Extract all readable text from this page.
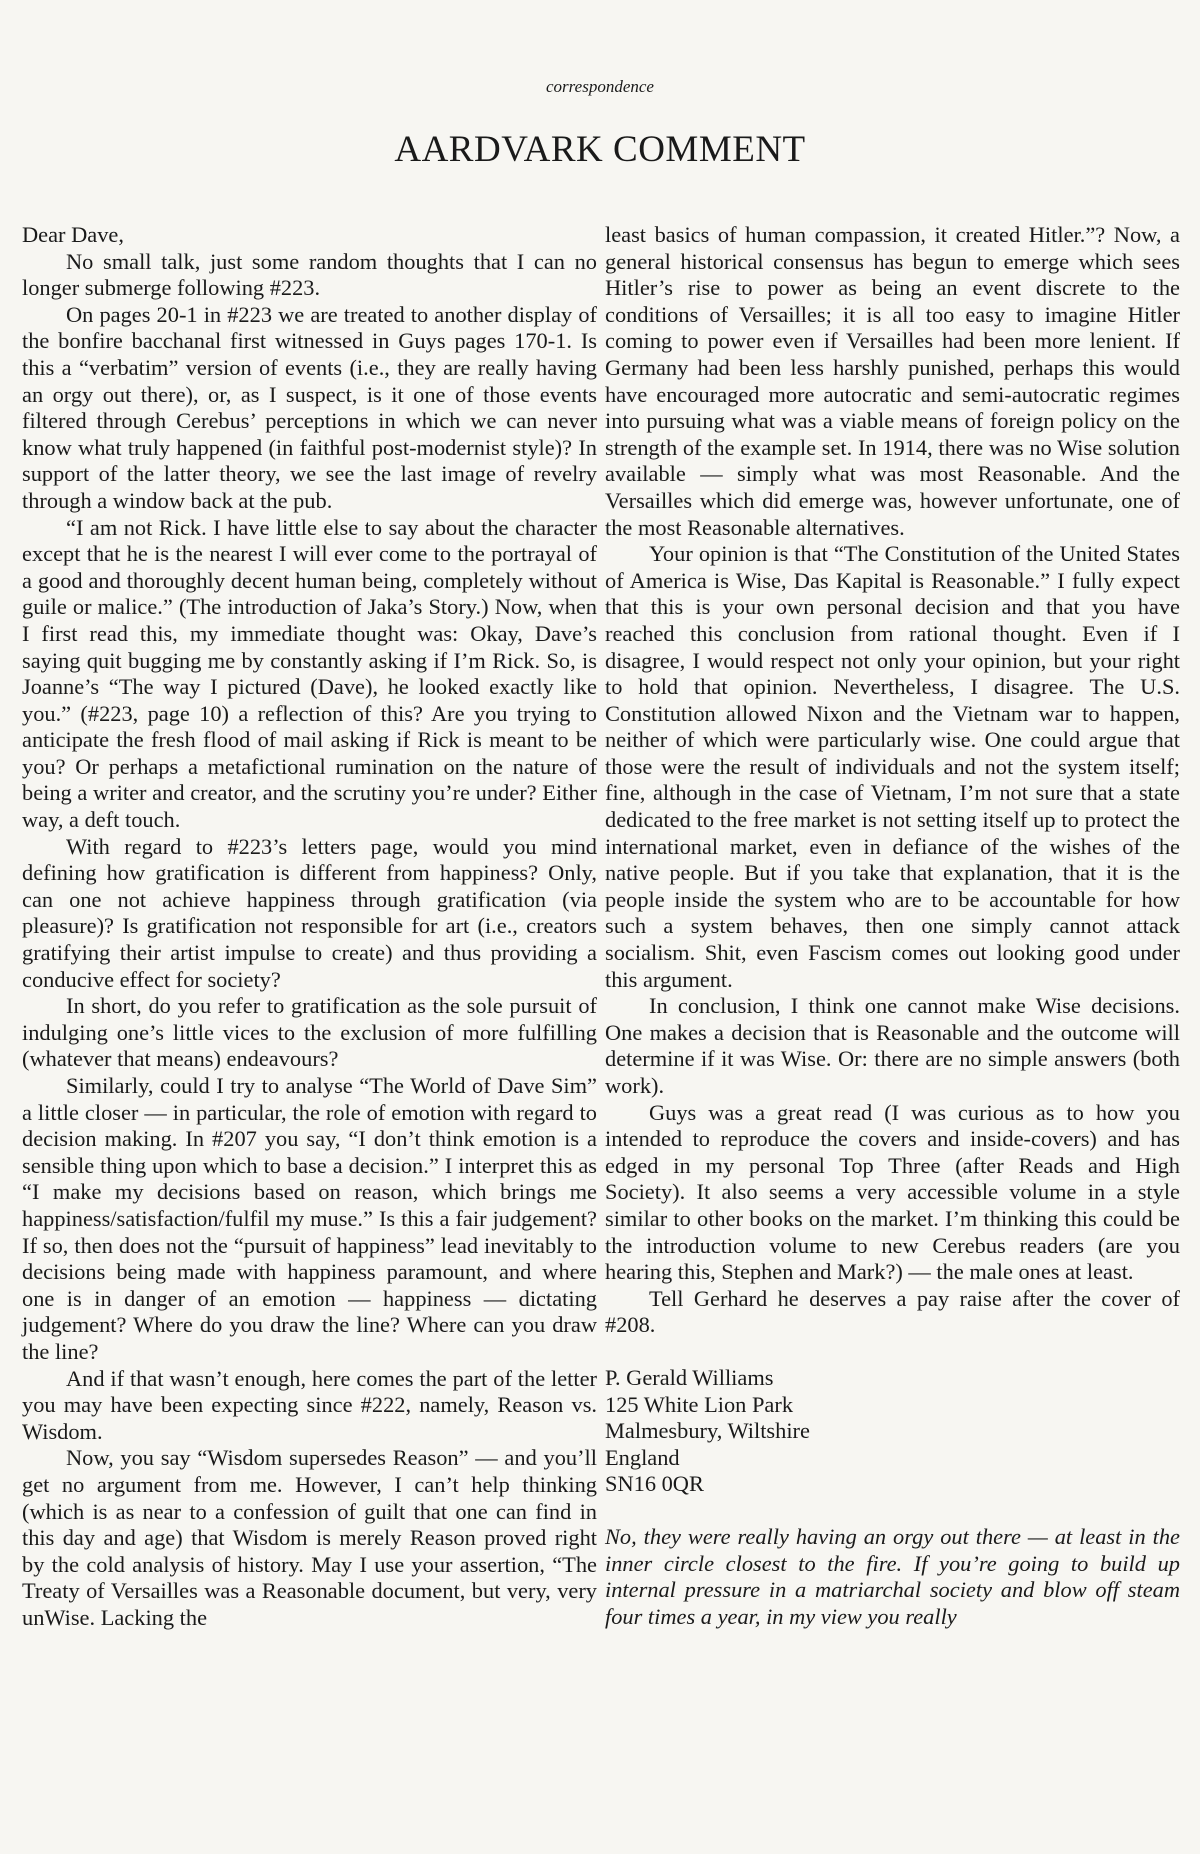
correspondence
AARDVARK COMMENT

Dear Dave,

No small talk, just some random thoughts that I can no longer submerge following #223.

On pages 20-1 in #223 we are treated to another display of the bonfire bacchanal first witnessed in Guys pages 170-1. Is this a “verbatim” version of events (i.e., they are really having an orgy out there), or, as I suspect, is it one of those events filtered through Cerebus’ perceptions in which we can never know what truly happened (in faithful post-modernist style)? In support of the latter theory, we see the last image of revelry through a window back at the pub.

“I am not Rick. I have little else to say about the character except that he is the nearest I will ever come to the portrayal of a good and thoroughly decent human being, completely without guile or malice.” (The introduction of Jaka’s Story.) Now, when I first read this, my immediate thought was: Okay, Dave’s saying quit bugging me by constantly asking if I’m Rick. So, is Joanne’s “The way I pictured (Dave), he looked exactly like you.” (#223, page 10) a reflection of this? Are you trying to anticipate the fresh flood of mail asking if Rick is meant to be you? Or perhaps a metafictional rumination on the nature of being a writer and creator, and the scrutiny you’re under? Either way, a deft touch.

With regard to #223’s letters page, would you mind defining how gratification is different from happiness? Only, can one not achieve happiness through gratification (via pleasure)? Is gratification not responsible for art (i.e., creators gratifying their artist impulse to create) and thus providing a conducive effect for society?

In short, do you refer to gratification as the sole pursuit of indulging one’s little vices to the exclusion of more fulfilling (whatever that means) endeavours?

Similarly, could I try to analyse “The World of Dave Sim” a little closer — in particular, the role of emotion with regard to decision making. In #207 you say, “I don’t think emotion is a sensible thing upon which to base a decision.” I interpret this as “I make my decisions based on reason, which brings me happiness/satisfaction/fulfil my muse.” Is this a fair judgement? If so, then does not the “pursuit of happiness” lead inevitably to decisions being made with happiness paramount, and where one is in danger of an emotion — happiness — dictating judgement? Where do you draw the line? Where can you draw the line?

And if that wasn’t enough, here comes the part of the letter you may have been expecting since #222, namely, Reason vs. Wisdom.

Now, you say “Wisdom supersedes Reason” — and you’ll get no argument from me. However, I can’t help thinking (which is as near to a confession of guilt that one can find in this day and age) that Wisdom is merely Reason proved right by the cold analysis of history. May I use your assertion, “The Treaty of Versailles was a Reasonable document, but very, very unWise. Lacking the

least basics of human compassion, it created Hitler.”? Now, a general historical consensus has begun to emerge which sees Hitler’s rise to power as being an event discrete to the conditions of Versailles; it is all too easy to imagine Hitler coming to power even if Versailles had been more lenient. If Germany had been less harshly punished, perhaps this would have encouraged more autocratic and semi-autocratic regimes into pursuing what was a viable means of foreign policy on the strength of the example set. In 1914, there was no Wise solution available — simply what was most Reasonable. And the Versailles which did emerge was, however unfortunate, one of the most Reasonable alternatives.

Your opinion is that “The Constitution of the United States of America is Wise, Das Kapital is Reasonable.” I fully expect that this is your own personal decision and that you have reached this conclusion from rational thought. Even if I disagree, I would respect not only your opinion, but your right to hold that opinion. Nevertheless, I disagree. The U.S. Constitution allowed Nixon and the Vietnam war to happen, neither of which were particularly wise. One could argue that those were the result of individuals and not the system itself; fine, although in the case of Vietnam, I’m not sure that a state dedicated to the free market is not setting itself up to protect the international market, even in defiance of the wishes of the native people. But if you take that explanation, that it is the people inside the system who are to be accountable for how such a system behaves, then one simply cannot attack socialism. Shit, even Fascism comes out looking good under this argument.

In conclusion, I think one cannot make Wise decisions. One makes a decision that is Reasonable and the outcome will determine if it was Wise. Or: there are no simple answers (both work).

Guys was a great read (I was curious as to how you intended to reproduce the covers and inside-covers) and has edged in my personal Top Three (after Reads and High Society). It also seems a very accessible volume in a style similar to other books on the market. I’m thinking this could be the introduction volume to new Cerebus readers (are you hearing this, Stephen and Mark?) — the male ones at least.

Tell Gerhard he deserves a pay raise after the cover of #208.

P. Gerald Williams
125 White Lion Park
Malmesbury, Wiltshire
England
SN16 0QR

No, they were really having an orgy out there — at least in the inner circle closest to the fire. If you’re going to build up internal pressure in a matriarchal society and blow off steam four times a year, in my view you really
